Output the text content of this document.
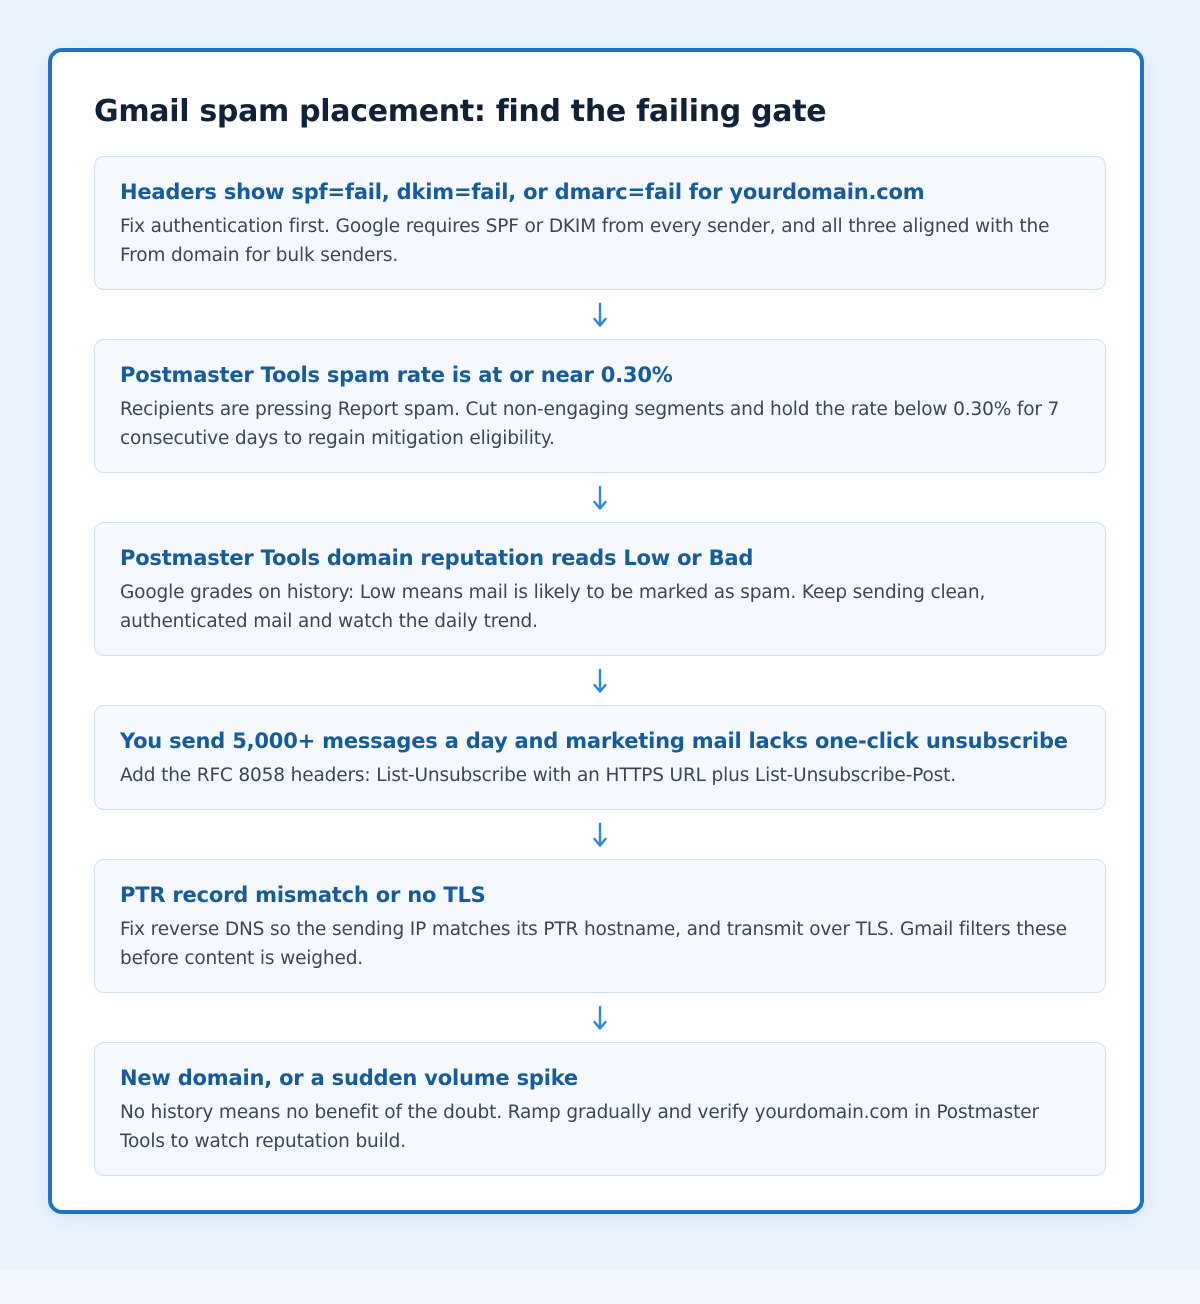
Gmail spam placement: find the failing gate

Headers show spf=fail, dkim=fail, or dmarc=fail for yourdomain.com

Fix authentication first. Google requires SPF or DKIM from every sender, and all three aligned with the From domain for bulk senders.

Postmaster Tools spam rate is at or near 0.30%

Recipients are pressing Report spam. Cut non-engaging segments and hold the rate below 0.30% for 7 consecutive days to regain mitigation eligibility.

Postmaster Tools domain reputation reads Low or Bad

Google grades on history: Low means mail is likely to be marked as spam. Keep sending clean, authenticated mail and watch the daily trend.

You send 5,000+ messages a day and marketing mail lacks one-click unsubscribe

Add the RFC 8058 headers: List-Unsubscribe with an HTTPS URL plus List-Unsubscribe-Post.

PTR record mismatch or no TLS

Fix reverse DNS so the sending IP matches its PTR hostname, and transmit over TLS. Gmail filters these before content is weighed.

New domain, or a sudden volume spike

No history means no benefit of the doubt. Ramp gradually and verify yourdomain.com in Postmaster Tools to watch reputation build.
